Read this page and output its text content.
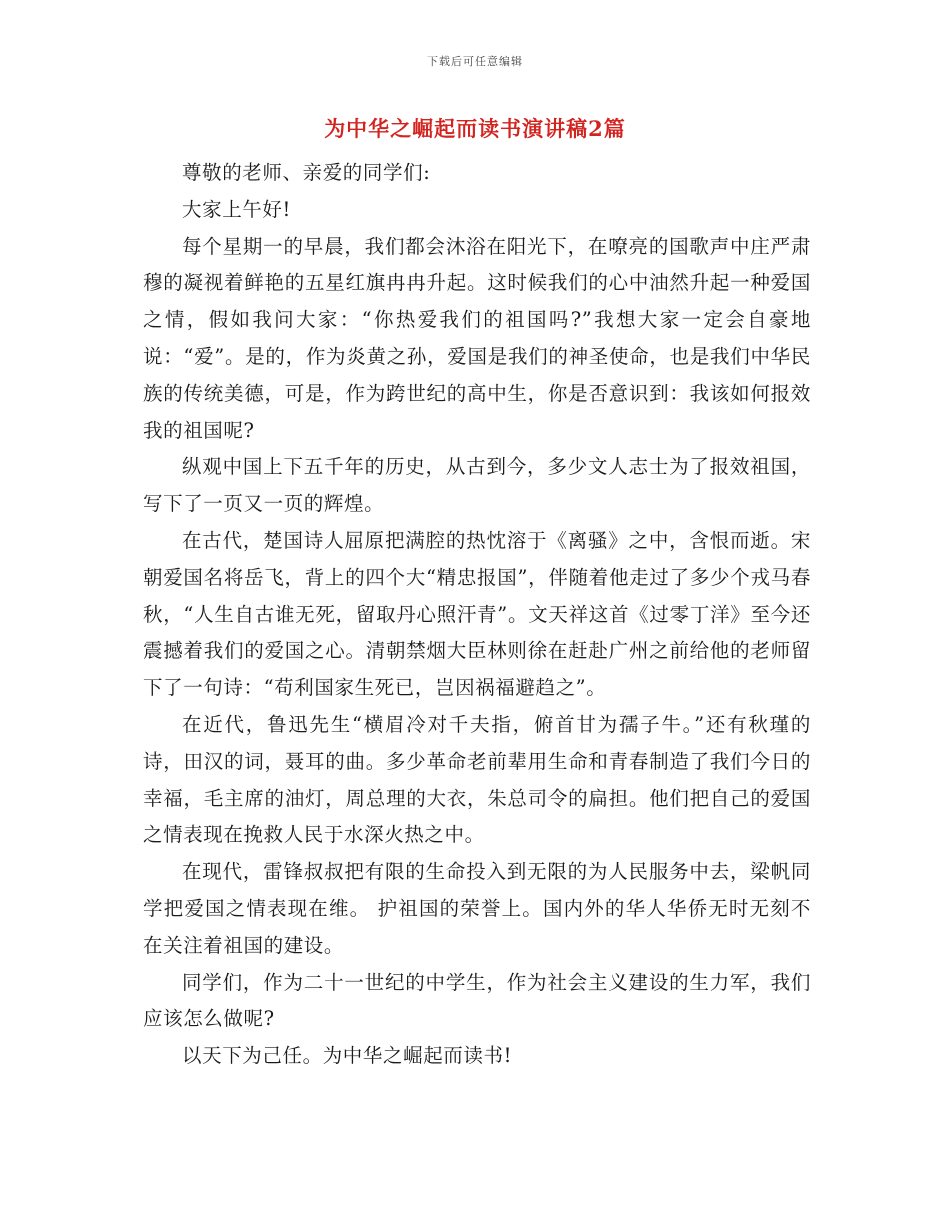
下载后可任意编辑
为中华之崛起而读书演讲稿2篇

尊敬的老师、亲爱的同学们:

大家上午好!

每个星期一的早晨，我们都会沐浴在阳光下，在嘹亮的国歌声中庄严肃穆的凝视着鲜艳的五星红旗冉冉升起。这时候我们的心中油然升起一种爱国之情，假如我问大家：“你热爱我们的祖国吗?”我想大家一定会自豪地说：“爱”。是的，作为炎黄之孙，爱国是我们的神圣使命，也是我们中华民族的传统美德，可是，作为跨世纪的高中生，你是否意识到：我该如何报效我的祖国呢?

纵观中国上下五千年的历史，从古到今，多少文人志士为了报效祖国，写下了一页又一页的辉煌。

在古代，楚国诗人屈原把满腔的热忱溶于《离骚》之中，含恨而逝。宋朝爱国名将岳飞，背上的四个大“精忠报国”，伴随着他走过了多少个戎马春秋，“人生自古谁无死，留取丹心照汗青”。文天祥这首《过零丁洋》至今还震撼着我们的爱国之心。清朝禁烟大臣林则徐在赶赴广州之前给他的老师留下了一句诗：“苟利国家生死已，岂因祸福避趋之”。

在近代，鲁迅先生“横眉冷对千夫指，俯首甘为孺子牛。”还有秋瑾的诗，田汉的词，聂耳的曲。多少革命老前辈用生命和青春制造了我们今日的幸福，毛主席的油灯，周总理的大衣，朱总司令的扁担。他们把自己的爱国之情表现在挽救人民于水深火热之中。

在现代，雷锋叔叔把有限的生命投入到无限的为人民服务中去，梁帆同学把爱国之情表现在维。 护祖国的荣誉上。国内外的华人华侨无时无刻不在关注着祖国的建设。

同学们，作为二十一世纪的中学生，作为社会主义建设的生力军，我们应该怎么做呢?

以天下为己任。为中华之崛起而读书!
